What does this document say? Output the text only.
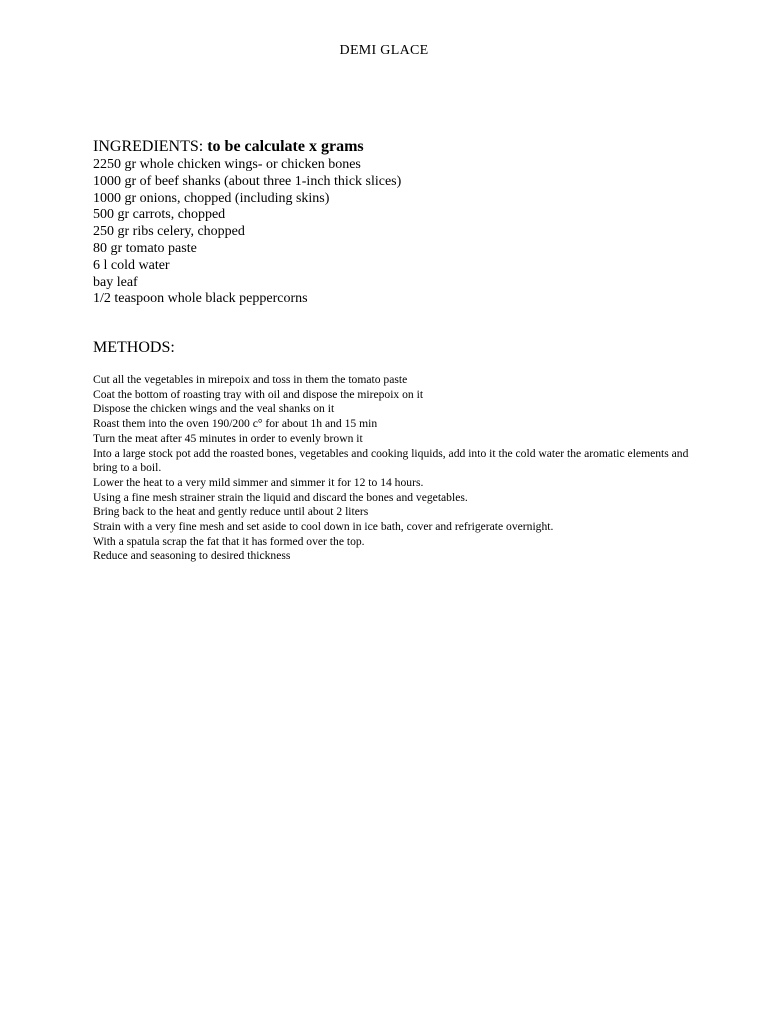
DEMI GLACE
INGREDIENTS: to be calculate x grams
2250 gr whole chicken wings- or chicken bones
1000 gr of beef shanks (about three 1-inch thick slices)
1000 gr onions, chopped (including skins)
500 gr carrots, chopped
250 gr ribs celery, chopped
80 gr tomato paste
6 l cold water
bay leaf
1/2 teaspoon whole black peppercorns
METHODS:
Cut all the vegetables in mirepoix and toss in them the tomato paste
Coat the bottom of roasting tray with oil and dispose the mirepoix on it
Dispose the chicken wings and the veal shanks on it
Roast them into the oven 190/200 c° for about 1h and 15 min
Turn the meat after 45 minutes in order to evenly brown it
Into a large stock pot add the roasted bones, vegetables and cooking liquids, add into it the cold water the aromatic elements and bring to a boil.
Lower the heat to a very mild simmer and simmer it for 12 to 14 hours.
Using a fine mesh strainer strain the liquid and discard the bones and vegetables.
Bring back to the heat and gently reduce until about 2 liters
Strain with a very fine mesh and set aside to cool down in ice bath, cover and refrigerate overnight.
With a spatula scrap the fat that it has formed over the top.
Reduce and seasoning to desired thickness
